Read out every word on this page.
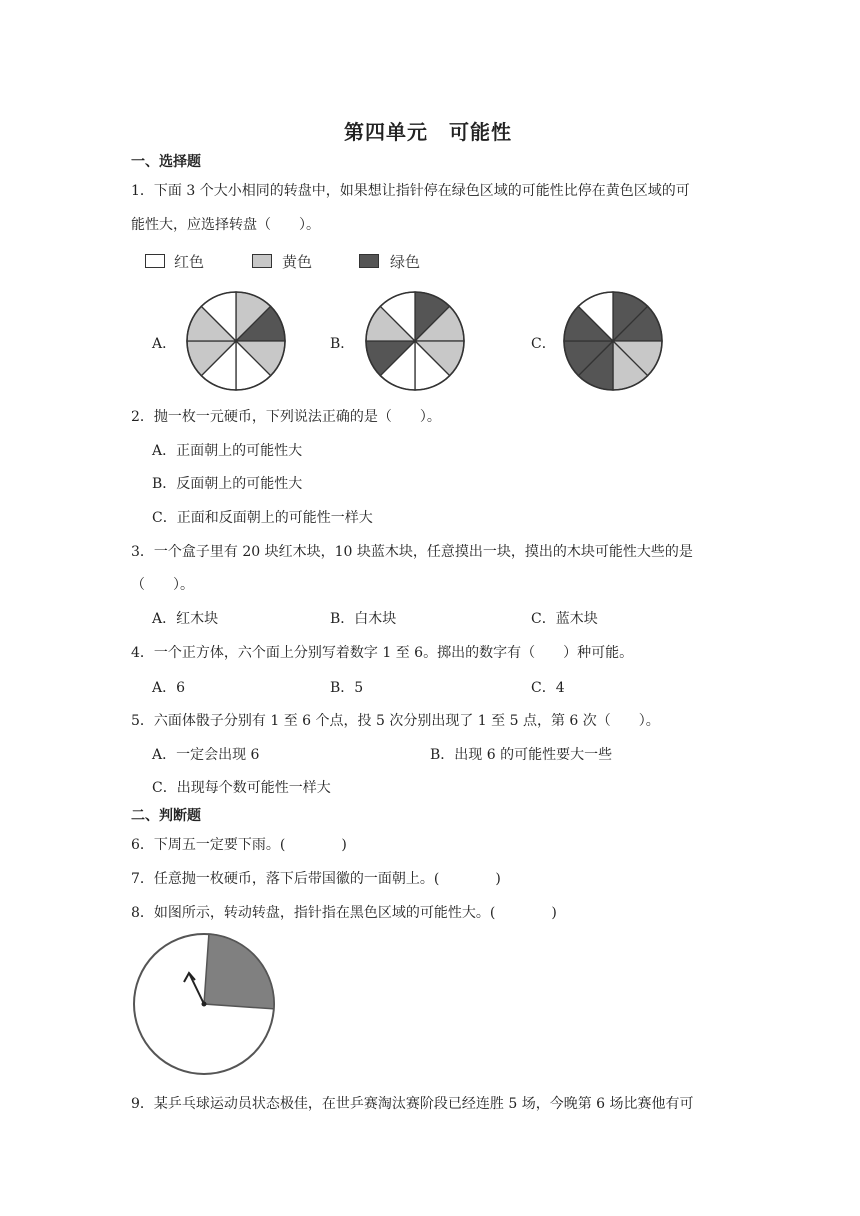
第四单元　可能性
一、选择题
1．下面 3 个大小相同的转盘中，如果想让指针停在绿色区域的可能性比停在黄色区域的可
能性大，应选择转盘（　　）。
红色	黄色	绿色
A．	B．	C．
2．抛一枚一元硬币，下列说法正确的是（　　）。
A．正面朝上的可能性大
B．反面朝上的可能性大
C．正面和反面朝上的可能性一样大
3．一个盒子里有 20 块红木块，10 块蓝木块，任意摸出一块，摸出的木块可能性大些的是
（　　）。
A．红木块	B．白木块	C．蓝木块
4．一个正方体，六个面上分别写着数字 1 至 6。掷出的数字有（　　）种可能。
A．6	B．5	C．4
5．六面体骰子分别有 1 至 6 个点，投 5 次分别出现了 1 至 5 点，第 6 次（　　）。
A．一定会出现 6	B．出现 6 的可能性要大一些
C．出现每个数可能性一样大
二、判断题
6．下周五一定要下雨。(　　　　)
7．任意抛一枚硬币，落下后带国徽的一面朝上。(　　　　)
8．如图所示，转动转盘，指针指在黑色区域的可能性大。(　　　　)
9．某乒乓球运动员状态极佳，在世乒赛淘汰赛阶段已经连胜 5 场，今晚第 6 场比赛他有可
